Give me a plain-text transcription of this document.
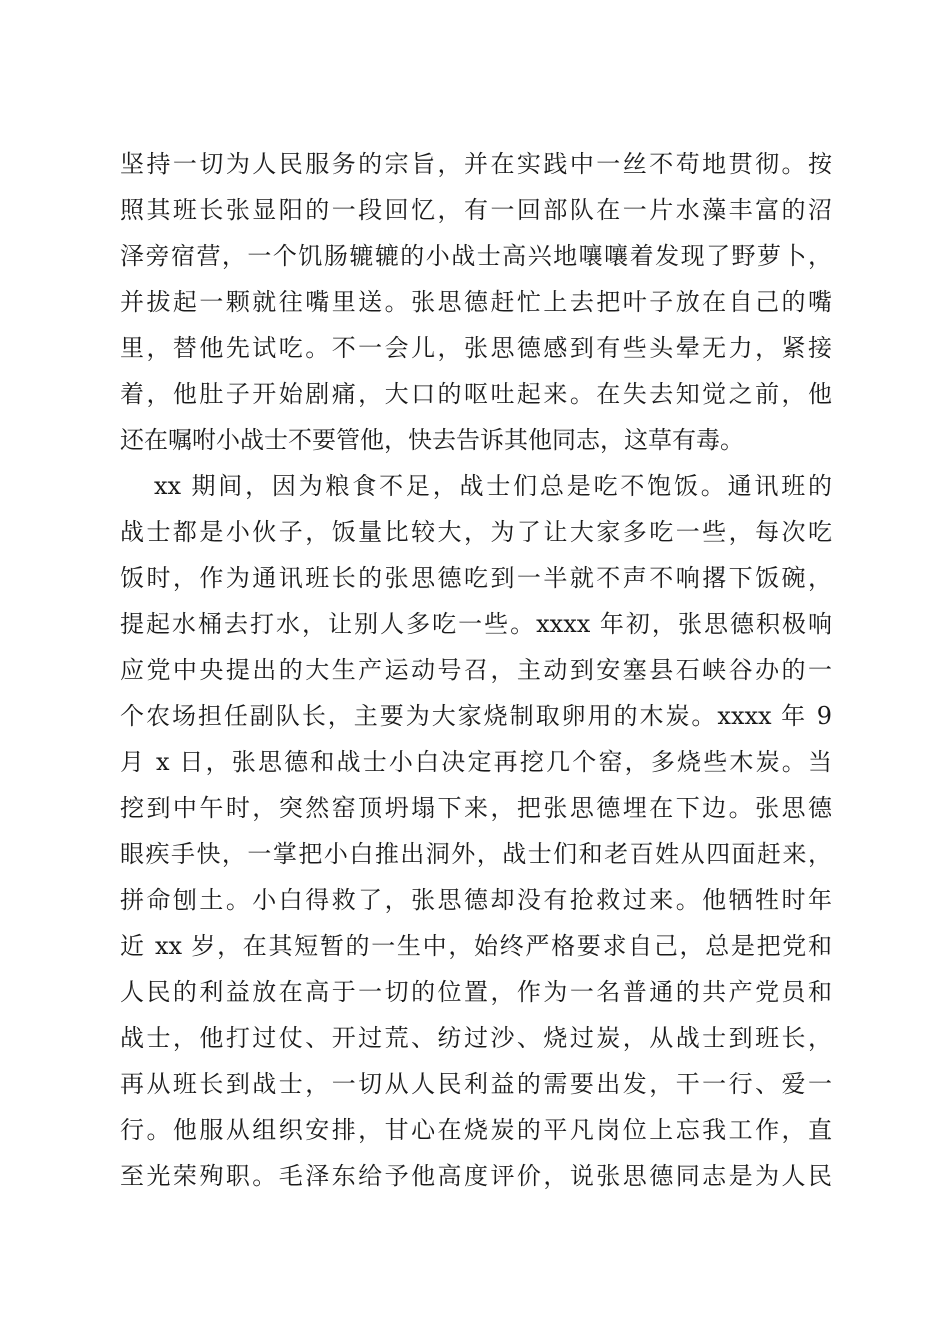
坚持一切为人民服务的宗旨，并在实践中一丝不苟地贯彻。按
照其班长张显阳的一段回忆，有一回部队在一片水藻丰富的沼
泽旁宿营，一个饥肠辘辘的小战士高兴地嚷嚷着发现了野萝卜，
并拔起一颗就往嘴里送。张思德赶忙上去把叶子放在自己的嘴
里，替他先试吃。不一会儿，张思德感到有些头晕无力，紧接
着，他肚子开始剧痛，大口的呕吐起来。在失去知觉之前，他
还在嘱咐小战士不要管他，快去告诉其他同志，这草有毒。
xx 期间，因为粮食不足，战士们总是吃不饱饭。通讯班的
战士都是小伙子，饭量比较大，为了让大家多吃一些，每次吃
饭时，作为通讯班长的张思德吃到一半就不声不响撂下饭碗，
提起水桶去打水，让别人多吃一些。xxxx 年初，张思德积极响
应党中央提出的大生产运动号召，主动到安塞县石峡谷办的一
个农场担任副队长，主要为大家烧制取卵用的木炭。xxxx 年 9
月 x 日，张思德和战士小白决定再挖几个窑，多烧些木炭。当
挖到中午时，突然窑顶坍塌下来，把张思德埋在下边。张思德
眼疾手快，一掌把小白推出洞外，战士们和老百姓从四面赶来，
拼命刨土。小白得救了，张思德却没有抢救过来。他牺牲时年
近 xx 岁，在其短暂的一生中，始终严格要求自己，总是把党和
人民的利益放在高于一切的位置，作为一名普通的共产党员和
战士，他打过仗、开过荒、纺过沙、烧过炭，从战士到班长，
再从班长到战士，一切从人民利益的需要出发，干一行、爱一
行。他服从组织安排，甘心在烧炭的平凡岗位上忘我工作，直
至光荣殉职。毛泽东给予他高度评价，说张思德同志是为人民
